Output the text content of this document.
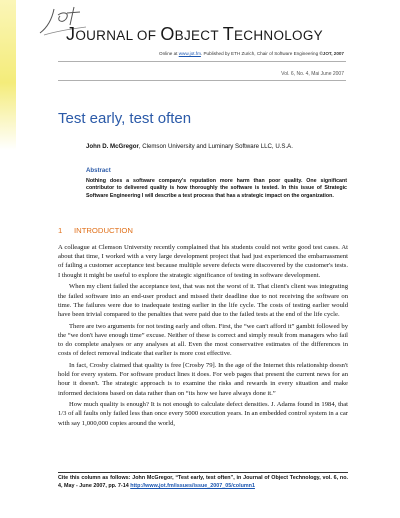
JOURNAL OF OBJECT TECHNOLOGY
Online at www.jot.fm. Published by ETH Zurich, Chair of Software Engineering ©JOT, 2007
Vol. 6, No. 4, Mai June 2007
Test early, test often
John D. McGregor, Clemson University and Luminary Software LLC, U.S.A.
Abstract
Nothing does a software company's reputation more harm than poor quality. One significant contributor to delivered quality is how thoroughly the software is tested. In this issue of Strategic Software Engineering I will describe a test process that has a strategic impact on the organization.
1 INTRODUCTION

A colleague at Clemson University recently complained that his students could not write good test cases. At about that time, I worked with a very large development project that had just experienced the embarrassment of failing a customer acceptance test because multiple severe defects were discovered by the customer's tests. I thought it might be useful to explore the strategic significance of testing in software development.

When my client failed the acceptance test, that was not the worst of it. That client's client was integrating the failed software into an end-user product and missed their deadline due to not receiving the software on time. The failures were due to inadequate testing earlier in the life cycle. The costs of testing earlier would have been trivial compared to the penalties that were paid due to the failed tests at the end of the life cycle.

There are two arguments for not testing early and often. First, the “we can't afford it” gambit followed by the “we don't have enough time” excuse. Neither of these is correct and simply result from managers who fail to do complete analyses or any analyses at all. Even the most conservative estimates of the differences in costs of defect removal indicate that earlier is more cost effective.

In fact, Crosby claimed that quality is free [Crosby 79]. In the age of the Internet this relationship doesn't hold for every system. For software product lines it does. For web pages that present the current news for an hour it doesn't. The strategic approach is to examine the risks and rewards in every situation and make informed decisions based on data rather than on “its how we have always done it.”

How much quality is enough? It is not enough to calculate defect densities. J. Adams found in 1984, that 1/3 of all faults only failed less than once every 5000 execution years. In an embedded control system in a car with say 1,000,000 copies around the world,

Cite this column as follows: John McGregor, “Test early, test often”, in Journal of Object Technology, vol. 6, no. 4, May - June 2007, pp. 7-14 http://www.jot.fm/issues/issue_2007_05/column1
